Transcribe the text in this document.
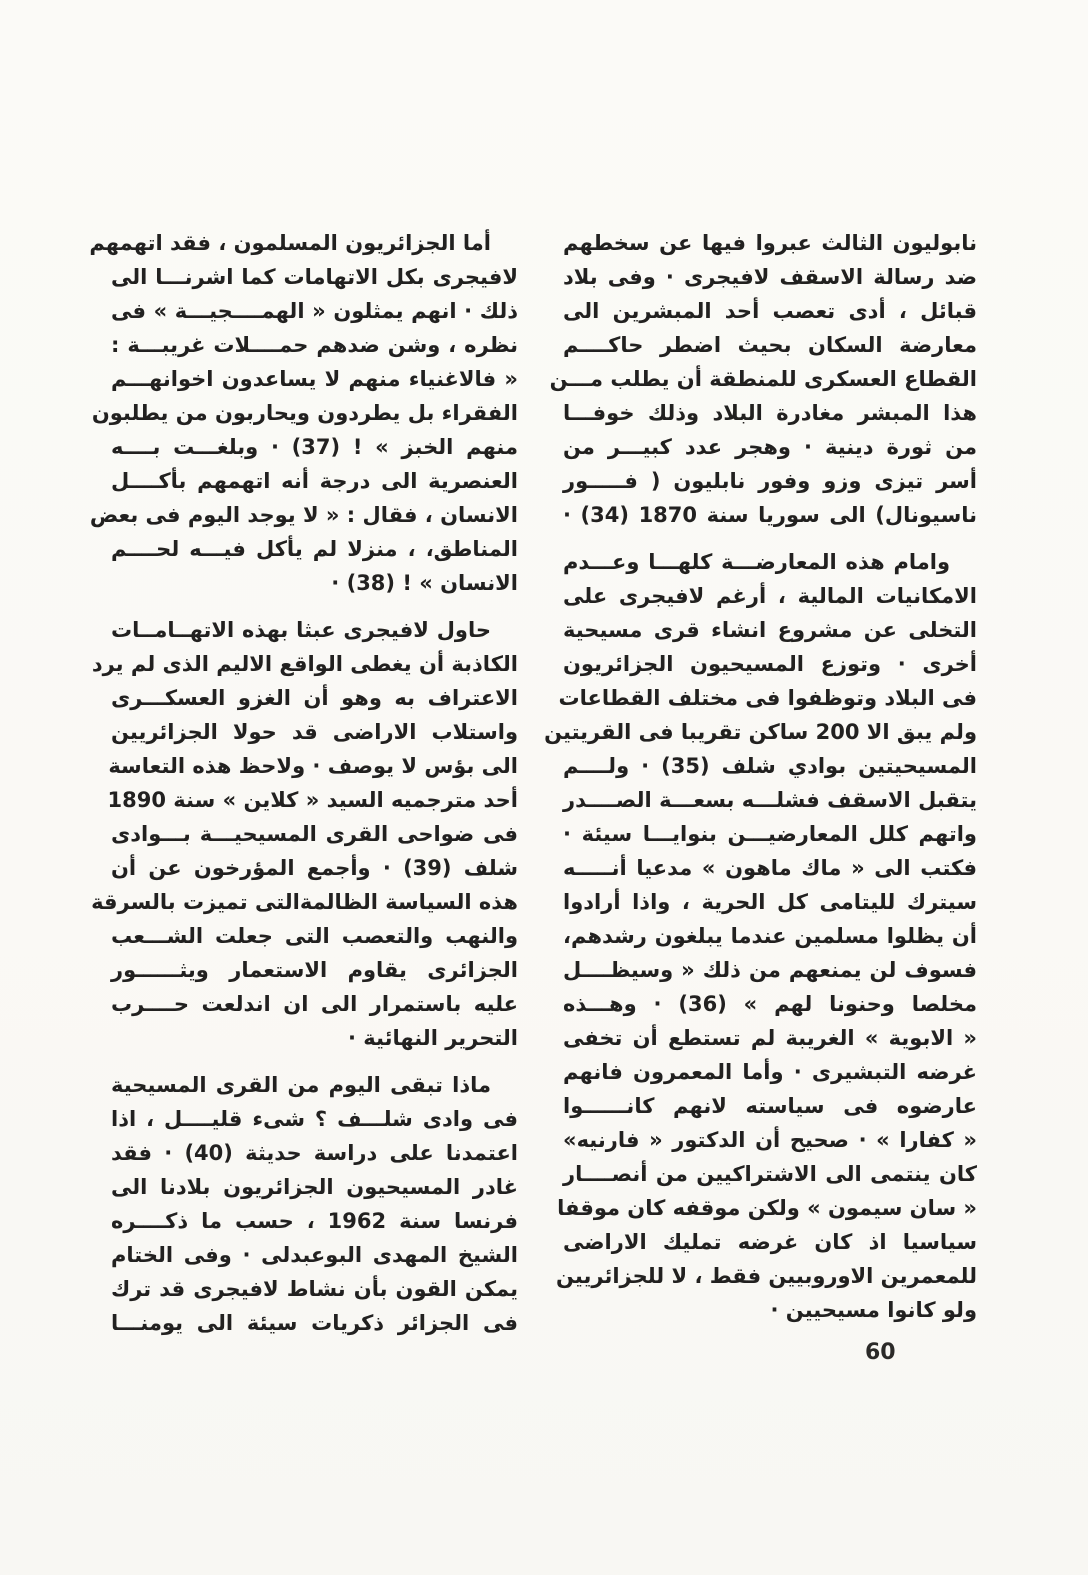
نابوليون الثالث عبروا فيها عن سخطهم
ضد رسالة الاسقف لافيجرى · وفى بلاد
قبائل ، أدى تعصب أحد المبشرين الى
معارضة السكان بحيث اضطر حاكــــم
القطاع العسكرى للمنطقة أن يطلب مـــن
هذا المبشر مغادرة البلاد وذلك خوفـــا
من ثورة دينية · وهجر عدد كبيـــر من
أسر تيزى وزو وفور نابليون ( فـــــور
ناسيونال) الى سوريا سنة 1870 (34) ·
وامام هذه المعارضـــة كلهـــا وعـــدم
الامكانيات المالية ، أرغم لافيجرى على
التخلى عن مشروع انشاء قرى مسيحية
أخرى · وتوزع المسيحيون الجزائريون
فى البلاد وتوظفوا فى مختلف القطاعات
ولم يبق الا 200 ساكن تقريبا فى القريتين
المسيحيتين بوادي شلف (35) · ولــــم
يتقبل الاسقف فشلـــه بسعـــة الصــــدر
واتهم كلل المعارضيـــن بنوايـــا سيئة ·
فكتب الى « ماك ماهون » مدعيا أنـــــه
سيترك لليتامى كل الحرية ، واذا أرادوا
أن يظلوا مسلمين عندما يبلغون رشدهم،
فسوف لن يمنعهم من ذلك « وسيظــــل
مخلصا وحنونا لهم » (36) · وهـــذه
« الابوية » الغريبة لم تستطع أن تخفى
غرضه التبشيرى · وأما المعمرون فانهم
عارضوه فى سياسته لانهم كانــــــوا
« كفارا » · صحيح أن الدكتور « فارنيه»
كان ينتمى الى الاشتراكيين من أنصــــار
« سان سيمون » ولكن موقفه كان موقفا
سياسيا اذ كان غرضه تمليك الاراضى
للمعمرين الاوروبيين فقط ، لا للجزائريين
ولو كانوا مسيحيين ·
أما الجزائريون المسلمون ، فقد اتهمهم
لافيجرى بكل الاتهامات كما اشرنـــا الى
ذلك · انهم يمثلون « الهمــــجيـــة » فى
نظره ، وشن ضدهم حمــــلات غريبـــة :
« فالاغنياء منهم لا يساعدون اخوانهـــم
الفقراء بل يطردون ويحاربون من يطلبون
منهم الخبز » ! (37) · وبلغـــت بــــه
العنصرية الى درجة أنه اتهمهم بأكــــل
الانسان ، فقال : « لا يوجد اليوم فى بعض
المناطق، ، منزلا لم يأكل فيـــه لحــــم
الانسان » ! (38) ·
حاول لافيجرى عبثا بهذه الاتهــامــات
الكاذبة أن يغطى الواقع الاليم الذى لم يرد
الاعتراف به وهو أن الغزو العسكـــرى
واستلاب الاراضى قد حولا الجزائريين
الى بؤس لا يوصف · ولاحظ هذه التعاسة
أحد مترجميه السيد « كلاين » سنة 1890
فى ضواحى القرى المسيحيـــة بـــوادى
شلف (39) · وأجمع المؤرخون عن أن
هذه السياسة الظالمةالتى تميزت بالسرقة
والنهب والتعصب التى جعلت الشـــعب
الجزائرى يقاوم الاستعمار ويثــــــور
عليه باستمرار الى ان اندلعت حــــرب
التحرير النهائية ·
ماذا تبقى اليوم من القرى المسيحية
فى وادى شلـــف ؟ شىء قليــــل ، اذا
اعتمدنا على دراسة حديثة (40) · فقد
غادر المسيحيون الجزائريون بلادنا الى
فرنسا سنة 1962 ، حسب ما ذكــــره
الشيخ المهدى البوعبدلى · وفى الختام
يمكن القون بأن نشاط لافيجرى قد ترك
فى الجزائر ذكريات سيئة الى يومنـــا
60
